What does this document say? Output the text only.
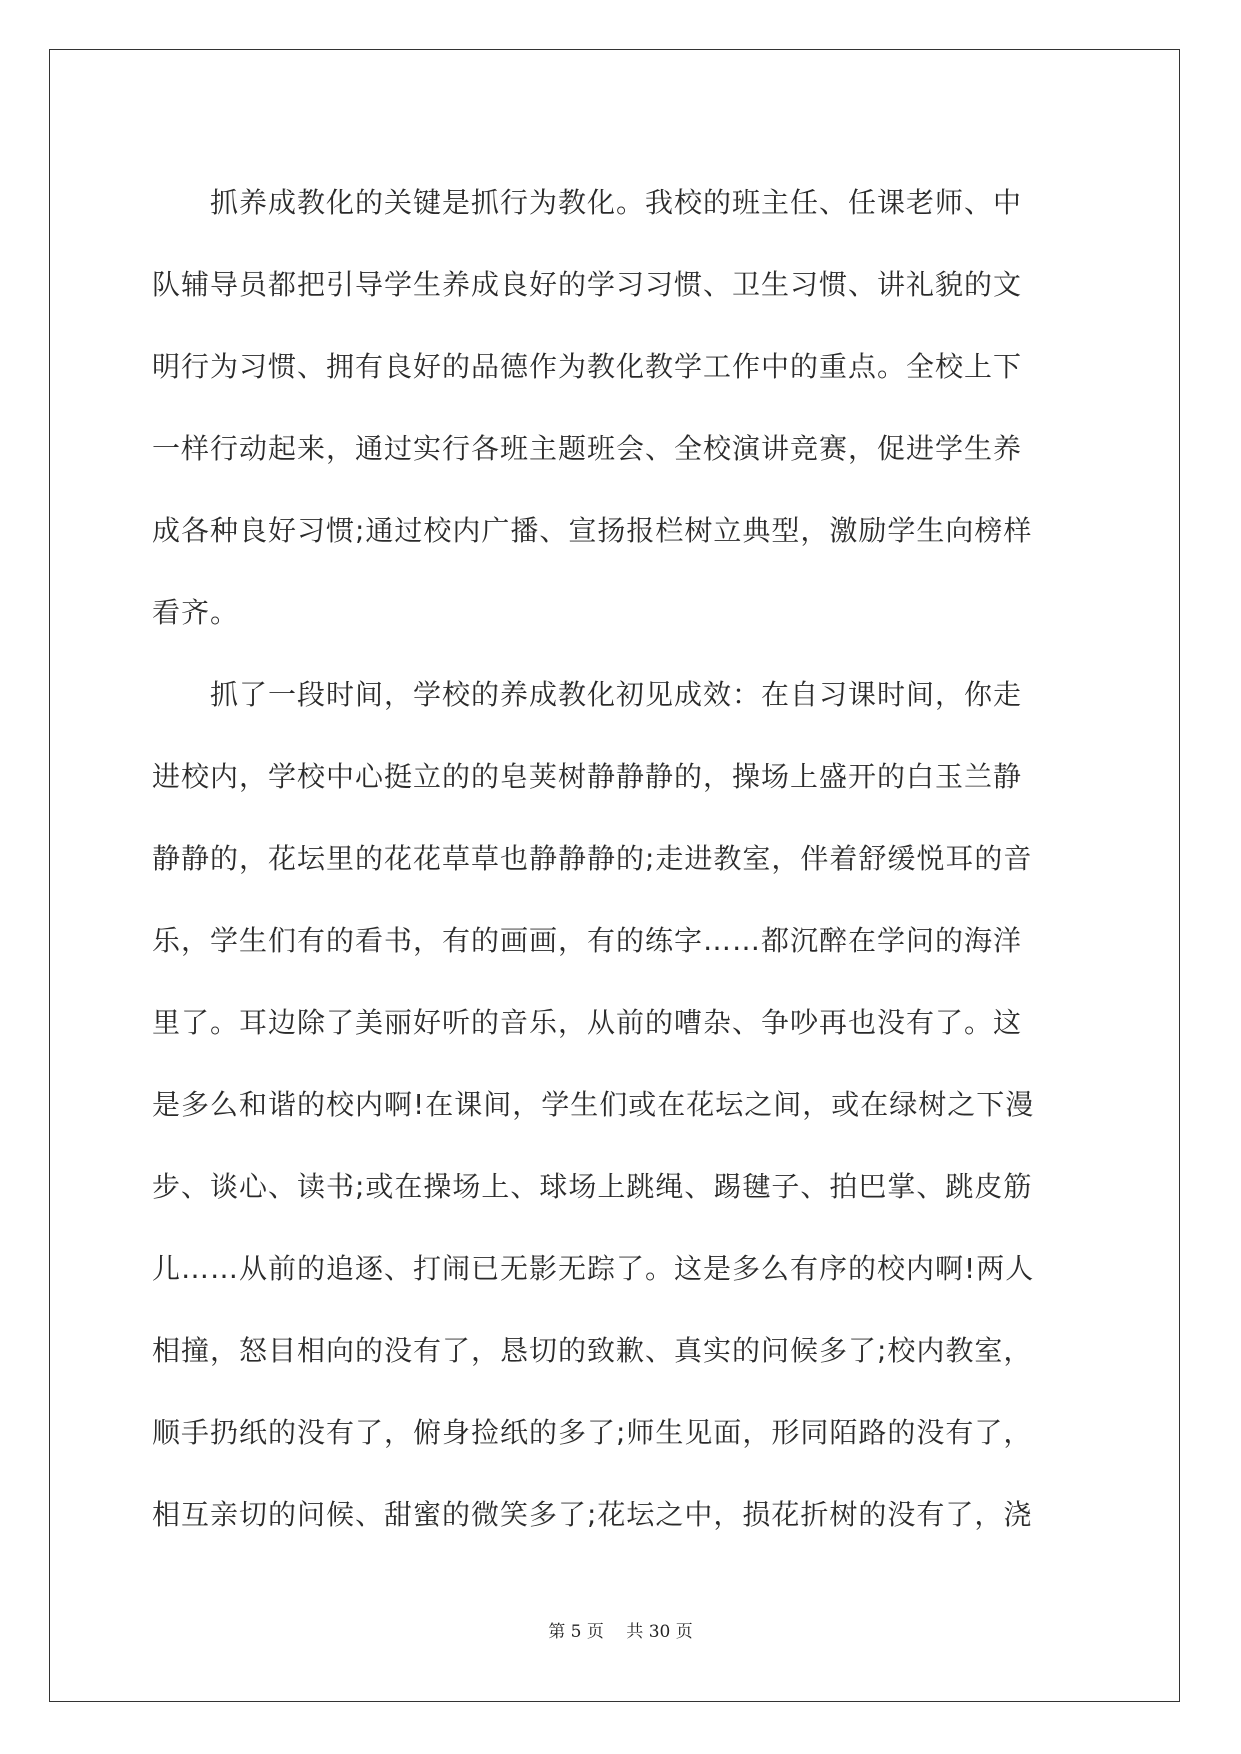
　　抓养成教化的关键是抓行为教化。我校的班主任、任课老师、中
队辅导员都把引导学生养成良好的学习习惯、卫生习惯、讲礼貌的文
明行为习惯、拥有良好的品德作为教化教学工作中的重点。全校上下
一样行动起来，通过实行各班主题班会、全校演讲竞赛，促进学生养
成各种良好习惯;通过校内广播、宣扬报栏树立典型，激励学生向榜样
看齐。
　　抓了一段时间，学校的养成教化初见成效：在自习课时间，你走
进校内，学校中心挺立的的皂荚树静静静的，操场上盛开的白玉兰静
静静的，花坛里的花花草草也静静静的;走进教室，伴着舒缓悦耳的音
乐，学生们有的看书，有的画画，有的练字……都沉醉在学问的海洋
里了。耳边除了美丽好听的音乐，从前的嘈杂、争吵再也没有了。这
是多么和谐的校内啊!在课间，学生们或在花坛之间，或在绿树之下漫
步、谈心、读书;或在操场上、球场上跳绳、踢毽子、拍巴掌、跳皮筋
儿……从前的追逐、打闹已无影无踪了。这是多么有序的校内啊!两人
相撞，怒目相向的没有了，恳切的致歉、真实的问候多了;校内教室，
顺手扔纸的没有了，俯身捡纸的多了;师生见面，形同陌路的没有了，
相互亲切的问候、甜蜜的微笑多了;花坛之中，损花折树的没有了，浇
第 5 页　 共 30 页
